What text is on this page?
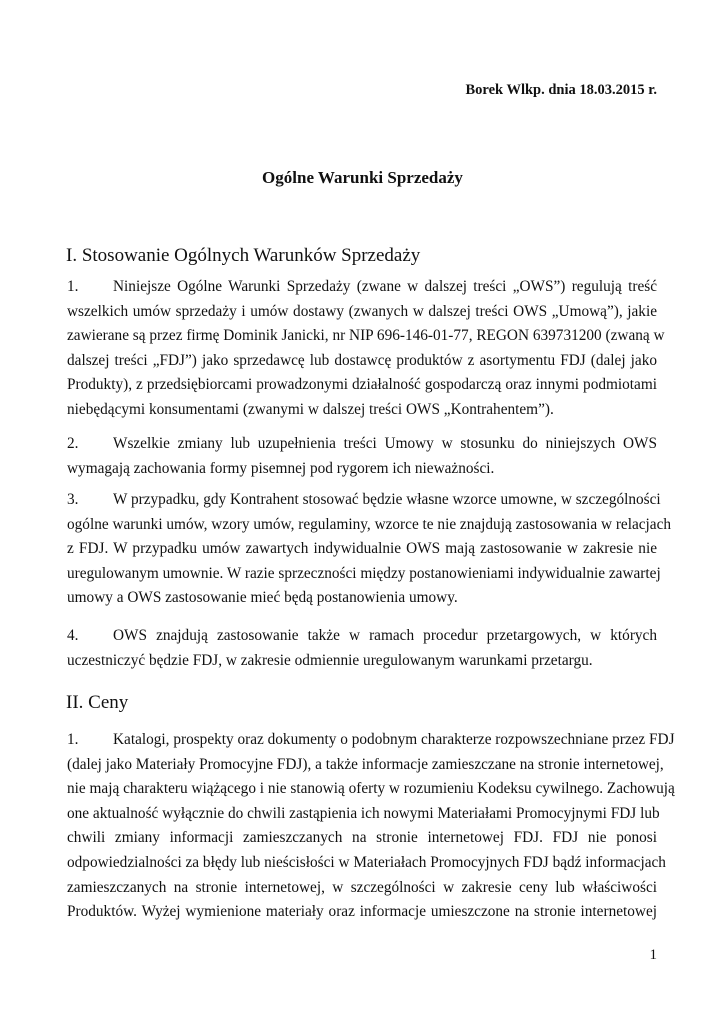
Borek Wlkp. dnia 18.03.2015 r.
Ogólne Warunki Sprzedaży
I. Stosowanie Ogólnych Warunków Sprzedaży
1. Niniejsze Ogólne Warunki Sprzedaży (zwane w dalszej treści „OWS”) regulują treść
wszelkich umów sprzedaży i umów dostawy (zwanych w dalszej treści OWS „Umową”), jakie
zawierane są przez firmę Dominik Janicki, nr NIP 696-146-01-77, REGON 639731200 (zwaną w
dalszej treści „FDJ”) jako sprzedawcę lub dostawcę produktów z asortymentu FDJ (dalej jako
Produkty), z przedsiębiorcami prowadzonymi działalność gospodarczą oraz innymi podmiotami
niebędącymi konsumentami (zwanymi w dalszej treści OWS „Kontrahentem”).
2. Wszelkie zmiany lub uzupełnienia treści Umowy w stosunku do niniejszych OWS
wymagają zachowania formy pisemnej pod rygorem ich nieważności.
3. W przypadku, gdy Kontrahent stosować będzie własne wzorce umowne, w szczególności
ogólne warunki umów, wzory umów, regulaminy, wzorce te nie znajdują zastosowania w relacjach
z FDJ. W przypadku umów zawartych indywidualnie OWS mają zastosowanie w zakresie nie
uregulowanym umownie. W razie sprzeczności między postanowieniami indywidualnie zawartej
umowy a OWS zastosowanie mieć będą postanowienia umowy.
4. OWS znajdują zastosowanie także w ramach procedur przetargowych, w których
uczestniczyć będzie FDJ, w zakresie odmiennie uregulowanym warunkami przetargu.
II. Ceny
1. Katalogi, prospekty oraz dokumenty o podobnym charakterze rozpowszechniane przez FDJ
(dalej jako Materiały Promocyjne FDJ), a także informacje zamieszczane na stronie internetowej,
nie mają charakteru wiążącego i nie stanowią oferty w rozumieniu Kodeksu cywilnego. Zachowują
one aktualność wyłącznie do chwili zastąpienia ich nowymi Materiałami Promocyjnymi FDJ lub
chwili zmiany informacji zamieszczanych na stronie internetowej FDJ. FDJ nie ponosi
odpowiedzialności za błędy lub nieścisłości w Materiałach Promocyjnych FDJ bądź informacjach
zamieszczanych na stronie internetowej, w szczególności w zakresie ceny lub właściwości
Produktów. Wyżej wymienione materiały oraz informacje umieszczone na stronie internetowej
1
